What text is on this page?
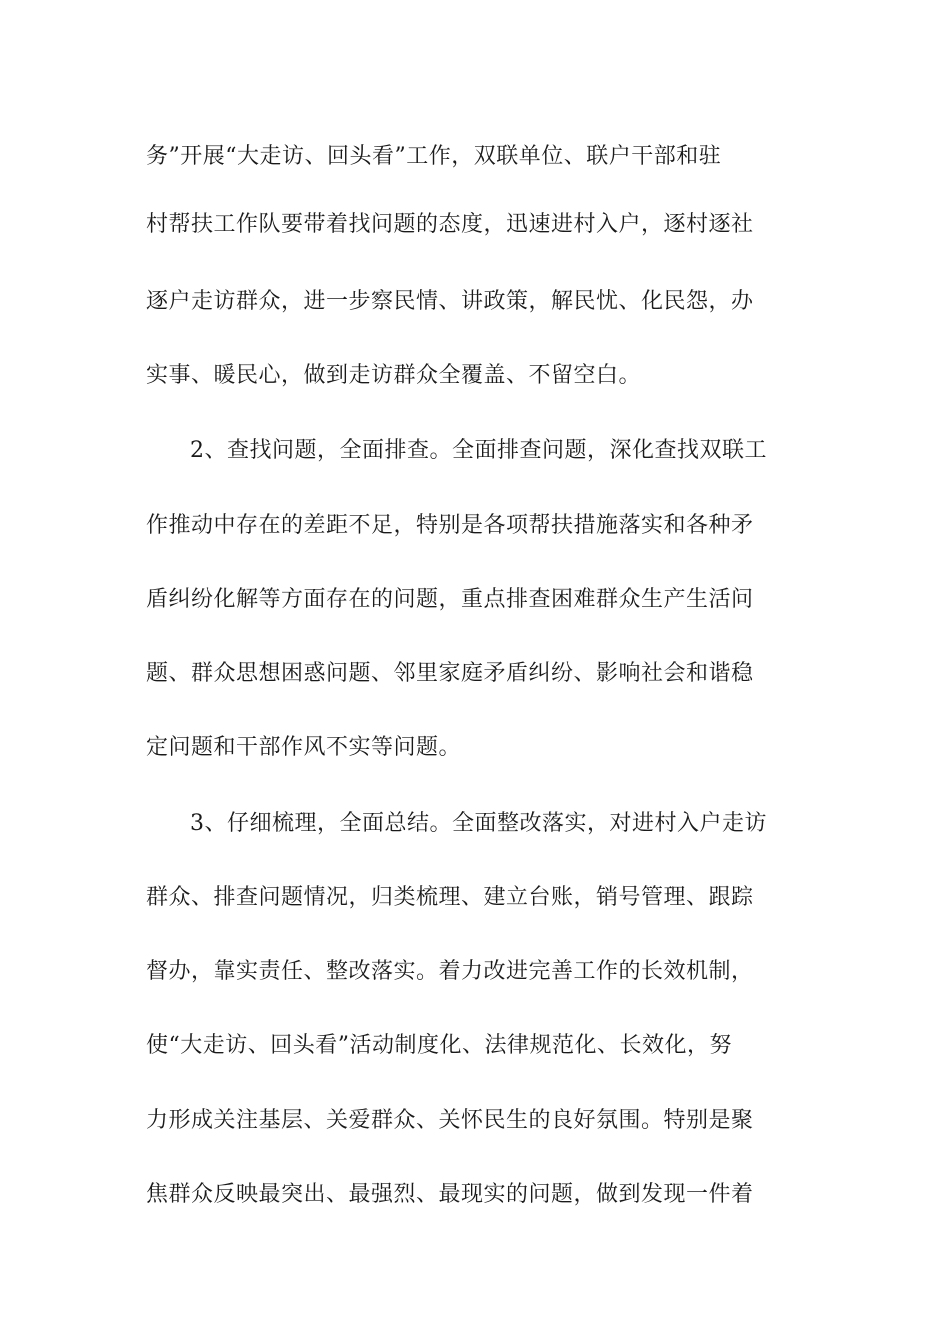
务”开展“大走访、回头看”工作，双联单位、联户干部和驻
村帮扶工作队要带着找问题的态度，迅速进村入户，逐村逐社
逐户走访群众，进一步察民情、讲政策，解民忧、化民怨，办
实事、暖民心，做到走访群众全覆盖、不留空白。
2、查找问题，全面排查。全面排查问题，深化查找双联工
作推动中存在的差距不足，特别是各项帮扶措施落实和各种矛
盾纠纷化解等方面存在的问题，重点排查困难群众生产生活问
题、群众思想困惑问题、邻里家庭矛盾纠纷、影响社会和谐稳
定问题和干部作风不实等问题。
3、仔细梳理，全面总结。全面整改落实，对进村入户走访
群众、排查问题情况，归类梳理、建立台账，销号管理、跟踪
督办，靠实责任、整改落实。着力改进完善工作的长效机制，
使“大走访、回头看”活动制度化、法律规范化、长效化，努
力形成关注基层、关爱群众、关怀民生的良好氛围。特别是聚
焦群众反映最突出、最强烈、最现实的问题，做到发现一件着
